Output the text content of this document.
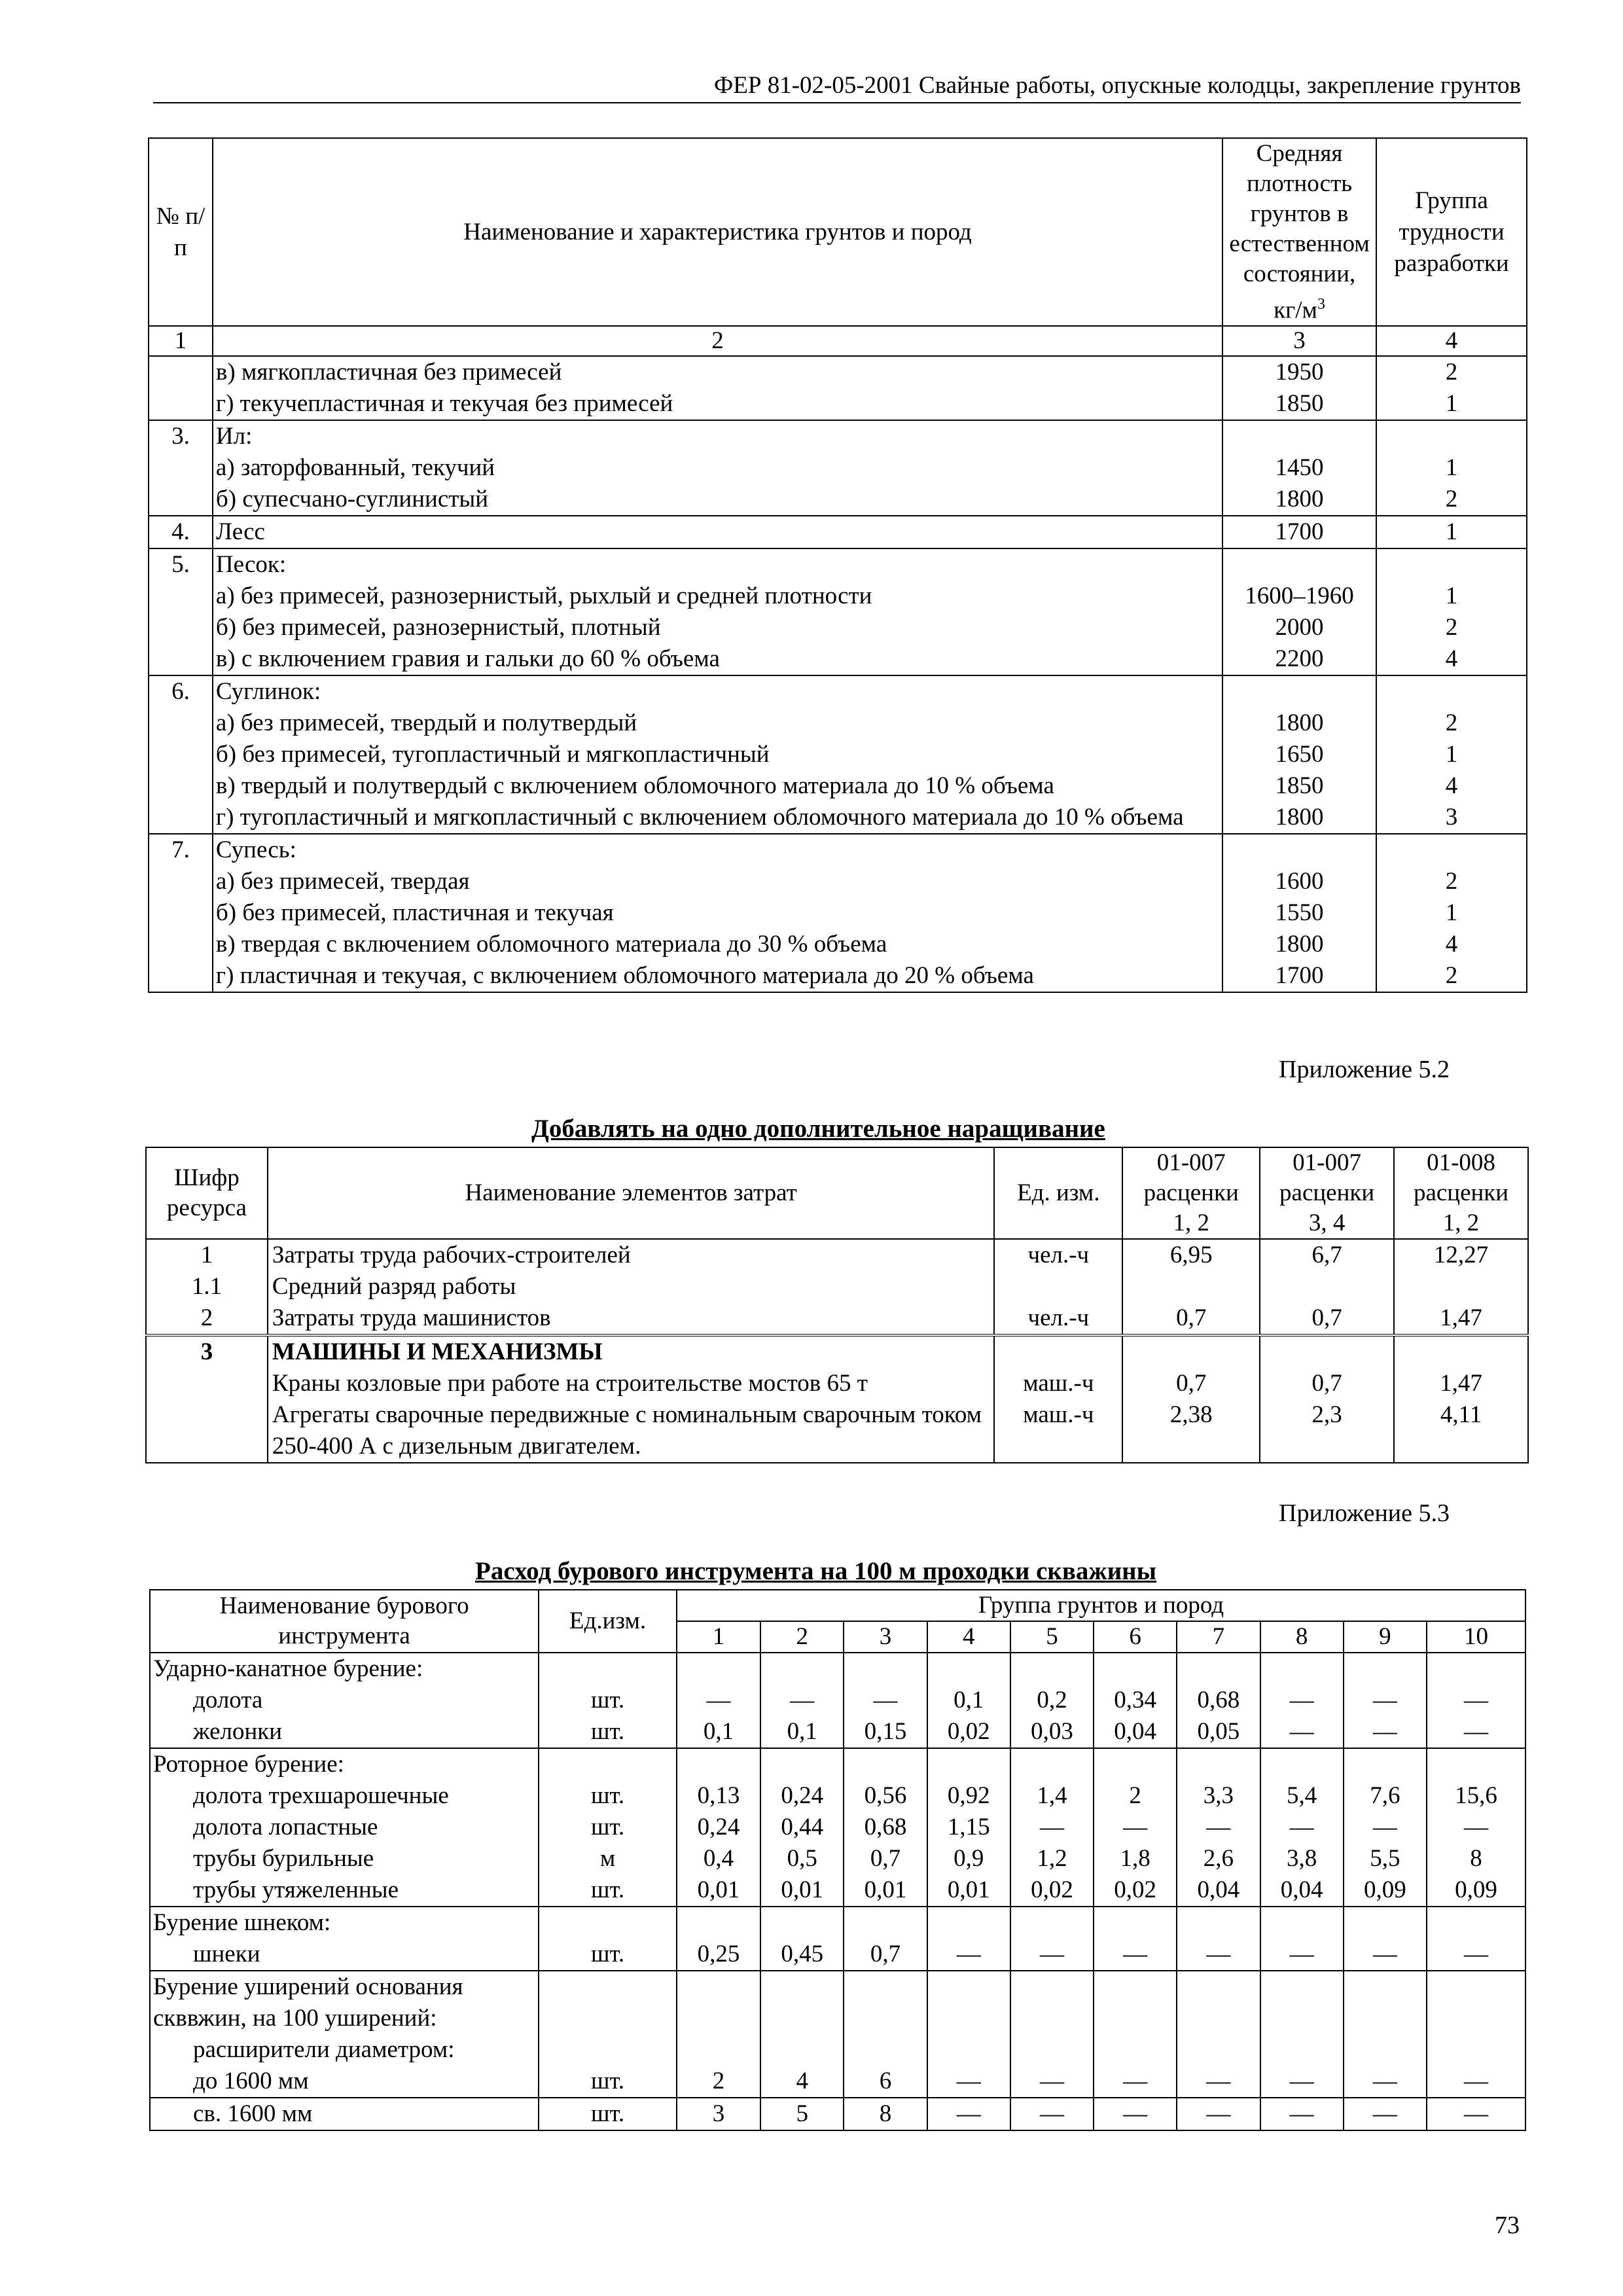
ФЕР 81-02-05-2001 Свайные работы, опускные колодцы, закрепление грунтов
№ п/п	Наименование и характеристика грунтов и пород	Средняя
плотность
грунтов в
естественном
состоянии, $кг/м^3$	Группа
трудности
разработки
1	2	3	4
	в) мягкопластичная без примесей	1950	2
	г) текучепластичная и текучая без примесей	1850	1
3.	Ил:		
	а) заторфованный, текучий	1450	1
	б) супесчано-суглинистый	1800	2
4.	Лесс	1700	1
5.	Песок:		
	а) без примесей, разнозернистый, рыхлый и средней плотности	1600–1960	1
	б) без примесей, разнозернистый, плотный	2000	2
	в) с включением гравия и гальки до 60 % объема	2200	4
6.	Суглинок:		
	а) без примесей, твердый и полутвердый	1800	2
	б) без примесей, тугопластичный и мягкопластичный	1650	1
	в) твердый и полутвердый с включением обломочного материала до 10 % объема	1850	4
	г) тугопластичный и мягкопластичный с включением обломочного материала до 10 % объема	1800	3
7.	Супесь:		
	а) без примесей, твердая	1600	2
	б) без примесей, пластичная и текучая	1550	1
	в) твердая с включением обломочного материала до 30 % объема	1800	4
	г) пластичная и текучая, с включением обломочного материала до 20 % объема	1700	2
Приложение 5.2
Добавлять на одно дополнительное наращивание
Шифр ресурса	Наименование элементов затрат	Ед. изм.	01-007
расценки
1, 2	01-007
расценки
3, 4	01-008
расценки
1, 2
1	Затраты труда рабочих-строителей	чел.-ч	6,95	6,7	12,27
1.1	Средний разряд работы				
2	Затраты труда машинистов	чел.-ч	0,7	0,7	1,47
3	МАШИНЫ И МЕХАНИЗМЫ				
	Краны козловые при работе на строительстве мостов 65 т	маш.-ч	0,7	0,7	1,47
	Агрегаты сварочные передвижные с номинальным сварочным током 250-400 А с дизельным двигателем.	маш.-ч	2,38	2,3	4,11
Приложение 5.3
Расход бурового инструмента на 100 м проходки скважины
Наименование бурового инструмента	Ед.изм.	Группа грунтов и пород									
		1	2	3	4	5	6	7	8	9	10
Ударно-канатное бурение:											
долота	шт.	—	—	—	0,1	0,2	0,34	0,68	—	—	—
желонки	шт.	0,1	0,1	0,15	0,02	0,03	0,04	0,05	—	—	—
Роторное бурение:											
долота трехшарошечные	шт.	0,13	0,24	0,56	0,92	1,4	2	3,3	5,4	7,6	15,6
долота лопастные	шт.	0,24	0,44	0,68	1,15	—	—	—	—	—	—
трубы бурильные	м	0,4	0,5	0,7	0,9	1,2	1,8	2,6	3,8	5,5	8
трубы утяжеленные	шт.	0,01	0,01	0,01	0,01	0,02	0,02	0,04	0,04	0,09	0,09
Бурение шнеком:											
шнеки	шт.	0,25	0,45	0,7	—	—	—	—	—	—	—
Бурение уширений основания скввжин, на 100 уширений:											
расширители диаметром:											
до 1600 мм	шт.	2	4	6	—	—	—	—	—	—	—
св. 1600 мм	шт.	3	5	8	—	—	—	—	—	—	—
73
